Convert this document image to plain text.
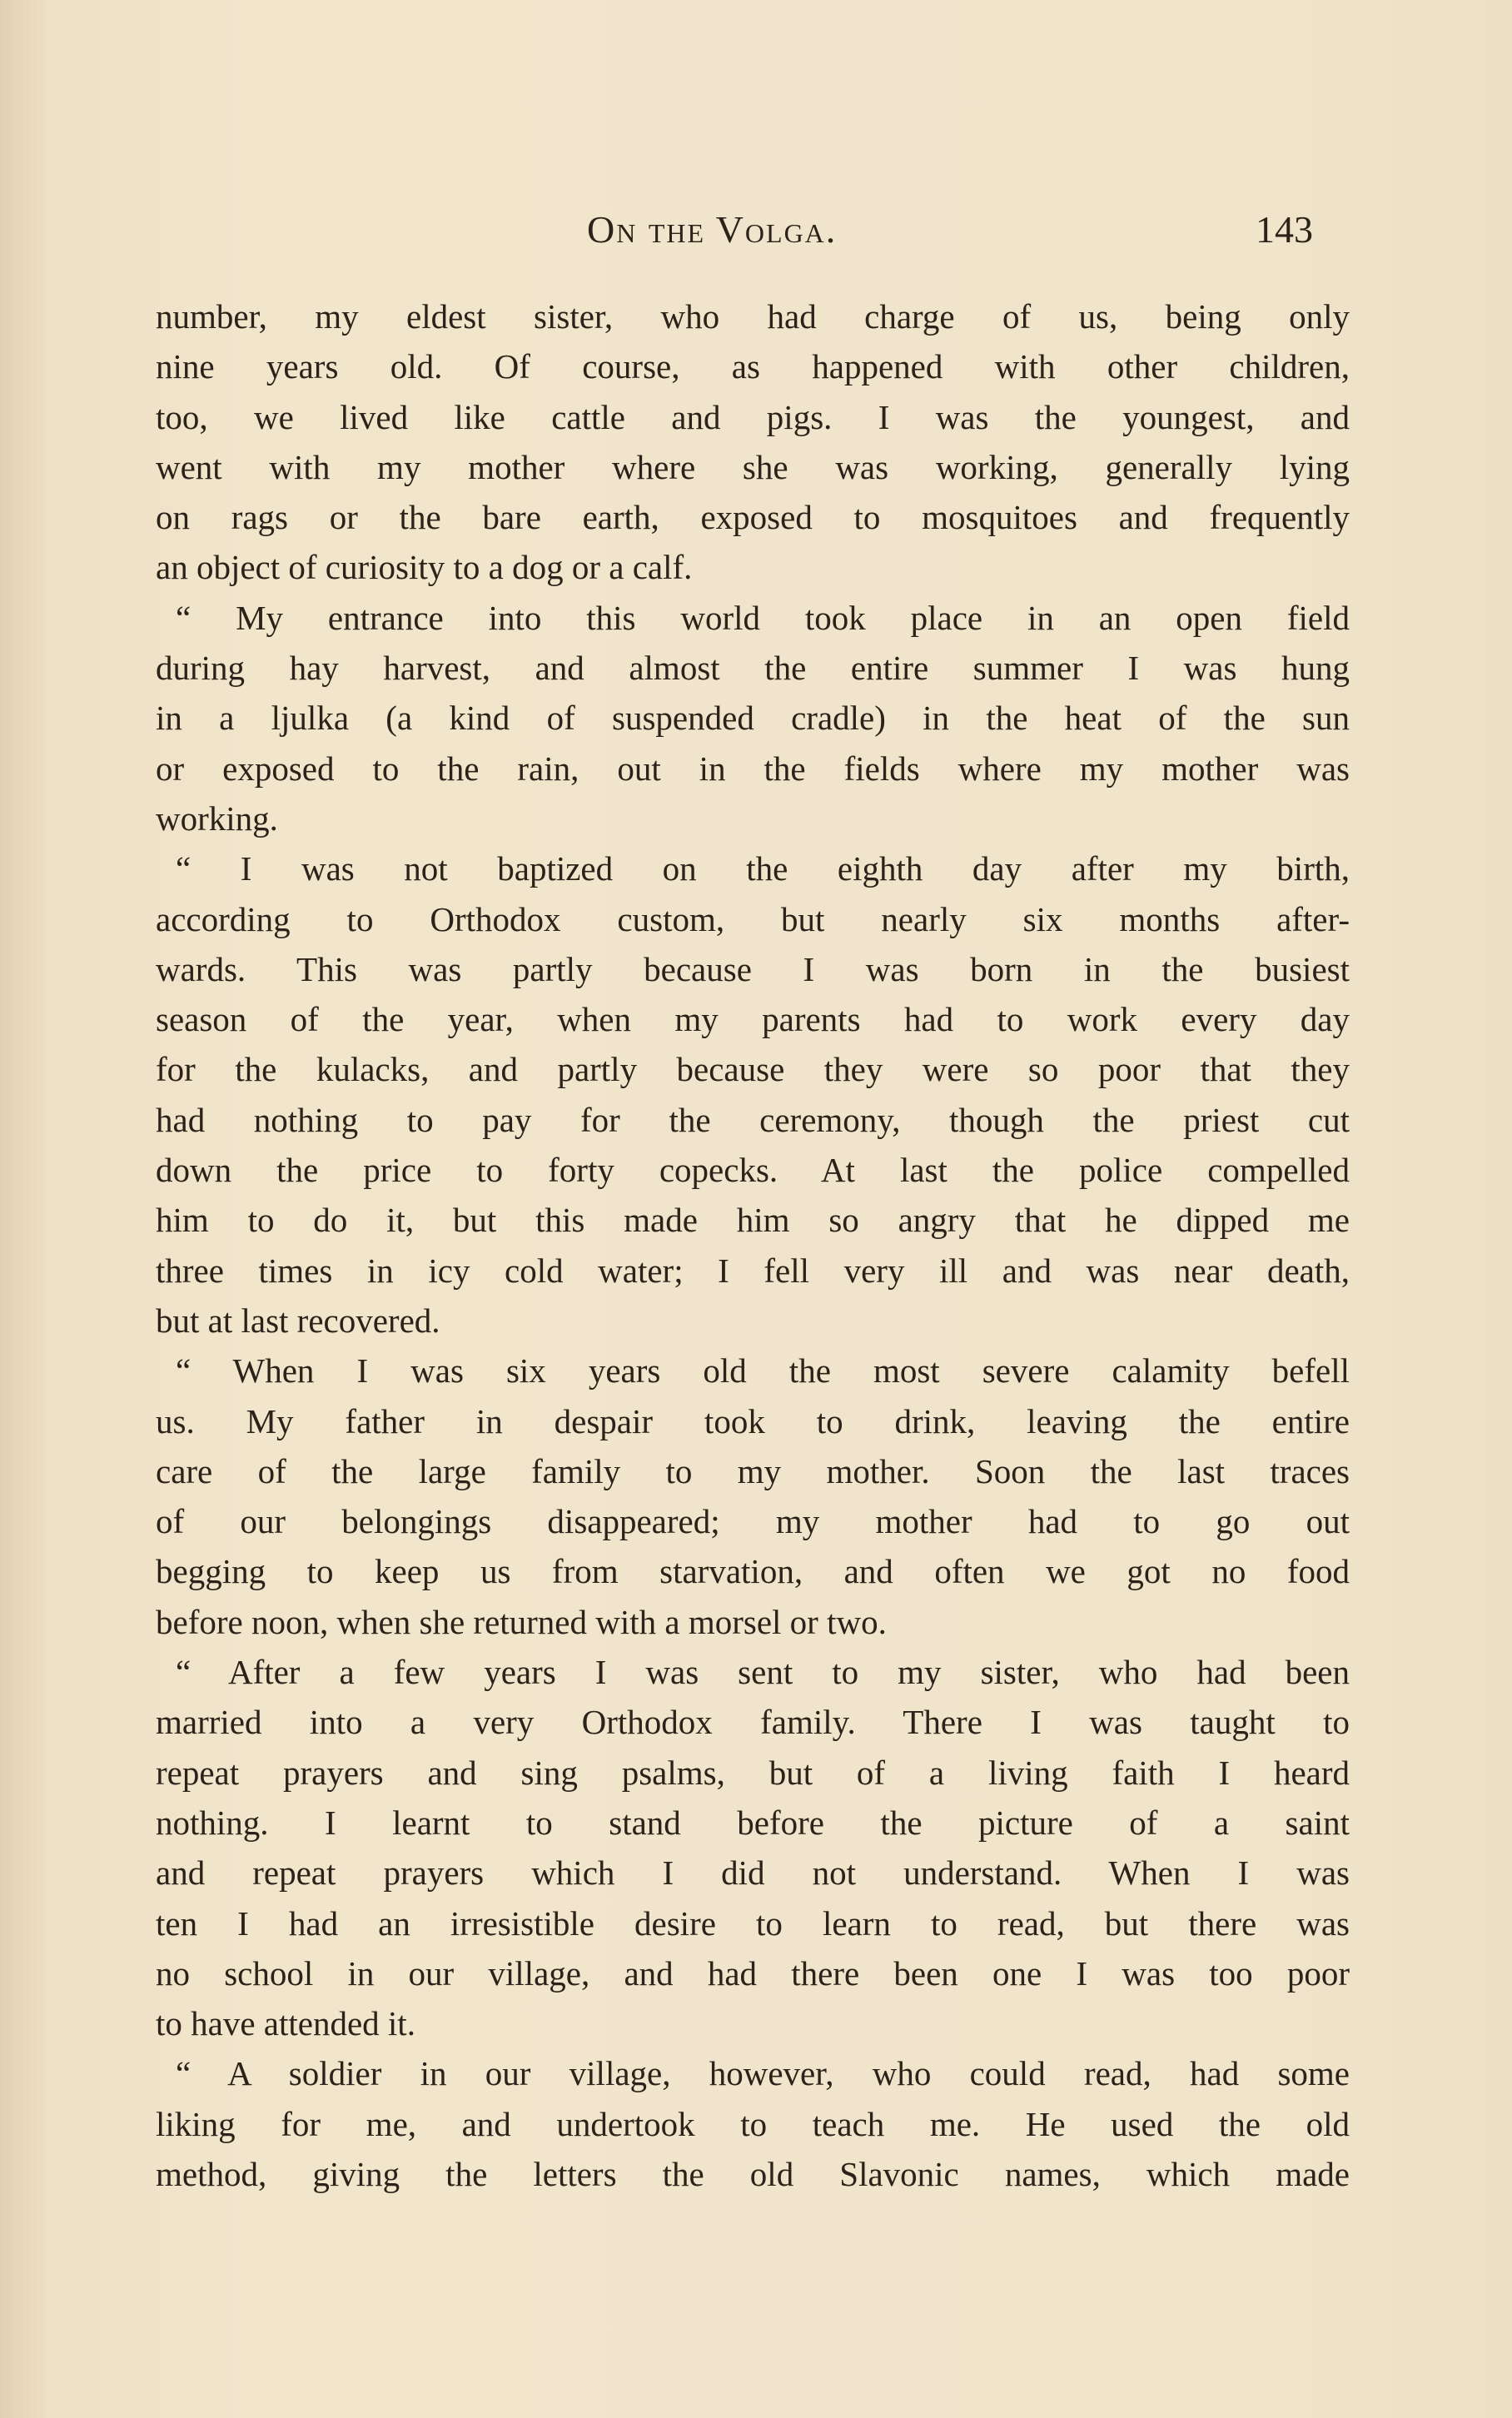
On the Volga.	143
number, my eldest sister, who had charge of us, being only
nine years old. Of course, as happened with other children,
too, we lived like cattle and pigs. I was the youngest, and
went with my mother where she was working, generally lying
on rags or the bare earth, exposed to mosquitoes and frequently
an object of curiosity to a dog or a calf.
“ My entrance into this world took place in an open field
during hay harvest, and almost the entire summer I was hung
in a ljulka (a kind of suspended cradle) in the heat of the sun
or exposed to the rain, out in the fields where my mother was
working.
“ I was not baptized on the eighth day after my birth,
according to Orthodox custom, but nearly six months after-
wards. This was partly because I was born in the busiest
season of the year, when my parents had to work every day
for the kulacks, and partly because they were so poor that they
had nothing to pay for the ceremony, though the priest cut
down the price to forty copecks. At last the police compelled
him to do it, but this made him so angry that he dipped me
three times in icy cold water; I fell very ill and was near death,
but at last recovered.
“ When I was six years old the most severe calamity befell
us. My father in despair took to drink, leaving the entire
care of the large family to my mother. Soon the last traces
of our belongings disappeared; my mother had to go out
begging to keep us from starvation, and often we got no food
before noon, when she returned with a morsel or two.
“ After a few years I was sent to my sister, who had been
married into a very Orthodox family. There I was taught to
repeat prayers and sing psalms, but of a living faith I heard
nothing. I learnt to stand before the picture of a saint
and repeat prayers which I did not understand. When I was
ten I had an irresistible desire to learn to read, but there was
no school in our village, and had there been one I was too poor
to have attended it.
“ A soldier in our village, however, who could read, had some
liking for me, and undertook to teach me. He used the old
method, giving the letters the old Slavonic names, which made
